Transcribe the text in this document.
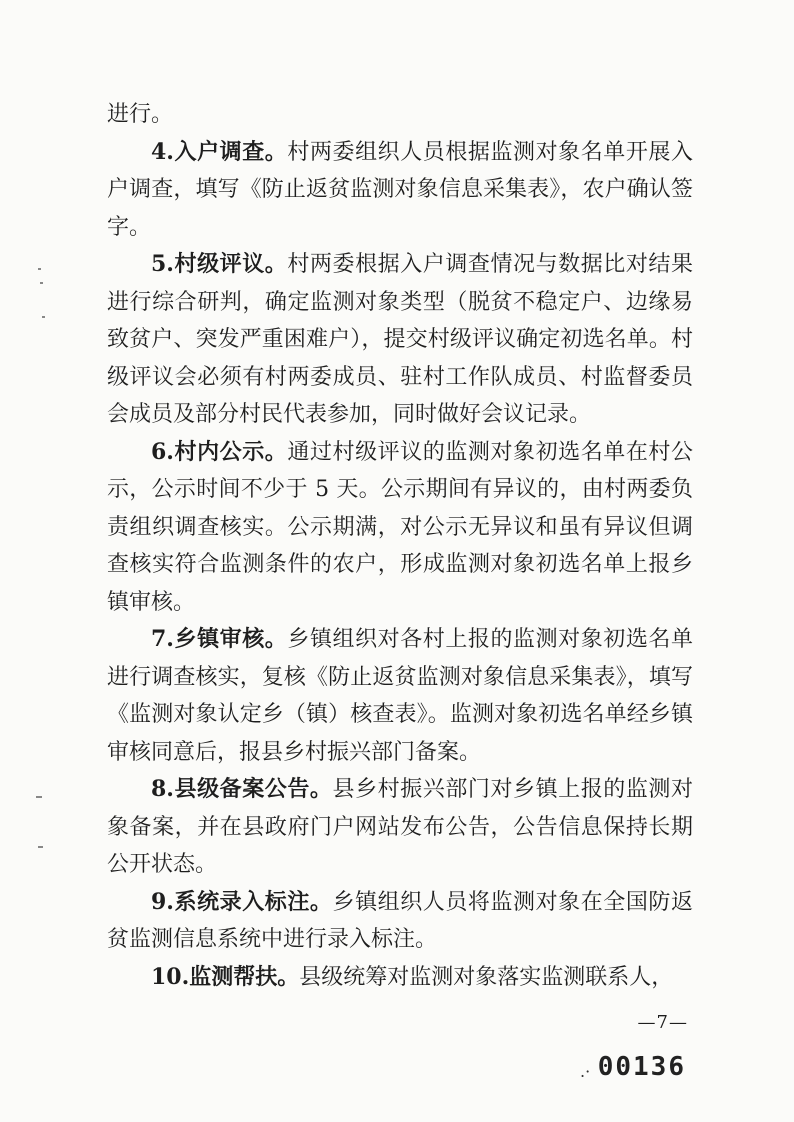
进行。

4.入户调查。村两委组织人员根据监测对象名单开展入户调查，填写《防止返贫监测对象信息采集表》，农户确认签字。

5.村级评议。村两委根据入户调查情况与数据比对结果进行综合研判，确定监测对象类型（脱贫不稳定户、边缘易致贫户、突发严重困难户），提交村级评议确定初选名单。村级评议会必须有村两委成员、驻村工作队成员、村监督委员会成员及部分村民代表参加，同时做好会议记录。

6.村内公示。通过村级评议的监测对象初选名单在村公示，公示时间不少于 5 天。公示期间有异议的，由村两委负责组织调查核实。公示期满，对公示无异议和虽有异议但调查核实符合监测条件的农户，形成监测对象初选名单上报乡镇审核。

7.乡镇审核。乡镇组织对各村上报的监测对象初选名单进行调查核实，复核《防止返贫监测对象信息采集表》，填写《监测对象认定乡（镇）核查表》。监测对象初选名单经乡镇审核同意后，报县乡村振兴部门备案。

8.县级备案公告。县乡村振兴部门对乡镇上报的监测对象备案，并在县政府门户网站发布公告，公告信息保持长期公开状态。

9.系统录入标注。乡镇组织人员将监测对象在全国防返贫监测信息系统中进行录入标注。

10.监测帮扶。县级统筹对监测对象落实监测联系人，

—7—
.· 00136
